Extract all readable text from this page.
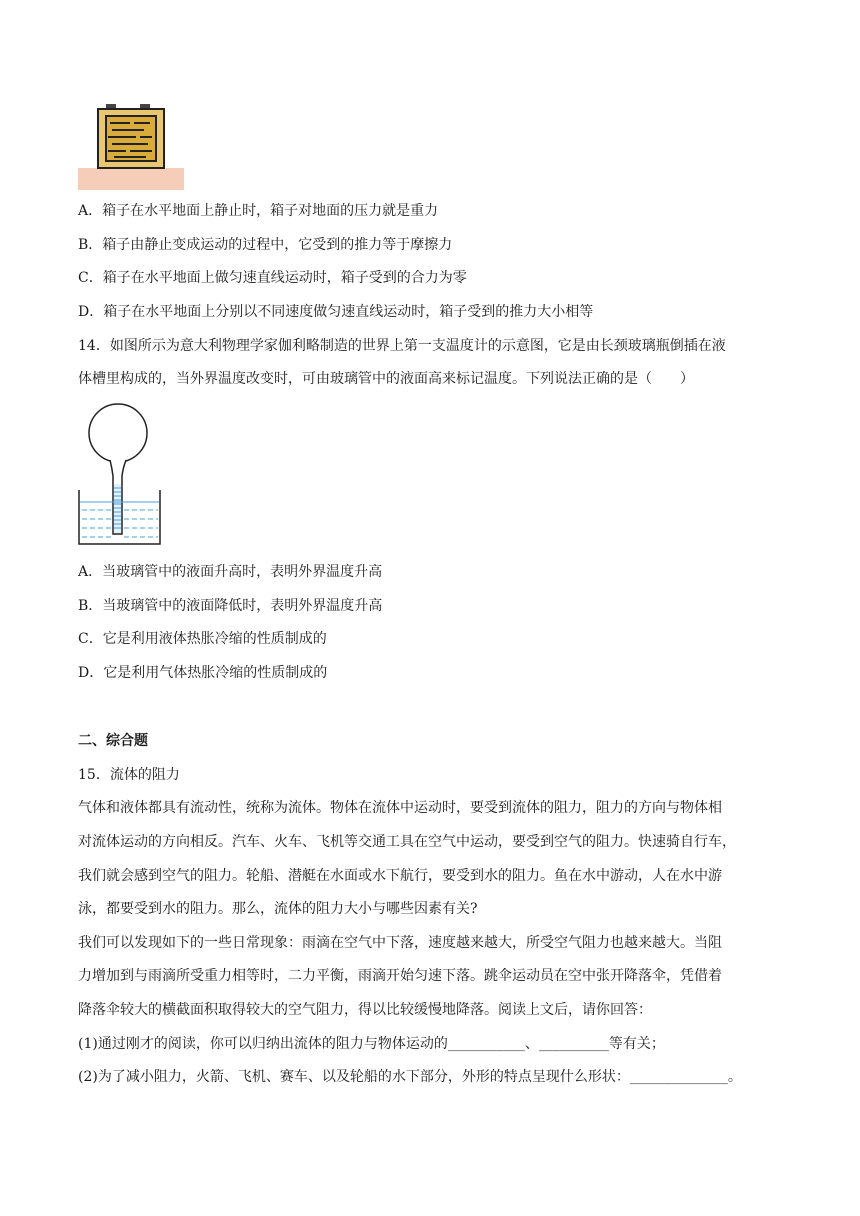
A．箱子在水平地面上静止时，箱子对地面的压力就是重力
B．箱子由静止变成运动的过程中，它受到的推力等于摩擦力
C．箱子在水平地面上做匀速直线运动时，箱子受到的合力为零
D．箱子在水平地面上分别以不同速度做匀速直线运动时，箱子受到的推力大小相等
14．如图所示为意大利物理学家伽利略制造的世界上第一支温度计的示意图，它是由长颈玻璃瓶倒插在液
体槽里构成的，当外界温度改变时，可由玻璃管中的液面高来标记温度。下列说法正确的是（　　）
A．当玻璃管中的液面升高时，表明外界温度升高
B．当玻璃管中的液面降低时，表明外界温度升高
C．它是利用液体热胀冷缩的性质制成的
D．它是利用气体热胀冷缩的性质制成的
二、综合题
15．流体的阻力
气体和液体都具有流动性，统称为流体。物体在流体中运动时，要受到流体的阻力，阻力的方向与物体相
对流体运动的方向相反。汽车、火车、飞机等交通工具在空气中运动，要受到空气的阻力。快速骑自行车，
我们就会感到空气的阻力。轮船、潜艇在水面或水下航行，要受到水的阻力。鱼在水中游动，人在水中游
泳，都要受到水的阻力。那么，流体的阻力大小与哪些因素有关?
我们可以发现如下的一些日常现象：雨滴在空气中下落，速度越来越大，所受空气阻力也越来越大。当阻
力增加到与雨滴所受重力相等时，二力平衡，雨滴开始匀速下落。跳伞运动员在空中张开降落伞，凭借着
降落伞较大的横截面积取得较大的空气阻力，得以比较缓慢地降落。阅读上文后，请你回答：
(1)通过刚才的阅读，你可以归纳出流体的阻力与物体运动的___________、__________等有关；
(2)为了减小阻力，火箭、飞机、赛车、以及轮船的水下部分，外形的特点呈现什么形状：______________。
